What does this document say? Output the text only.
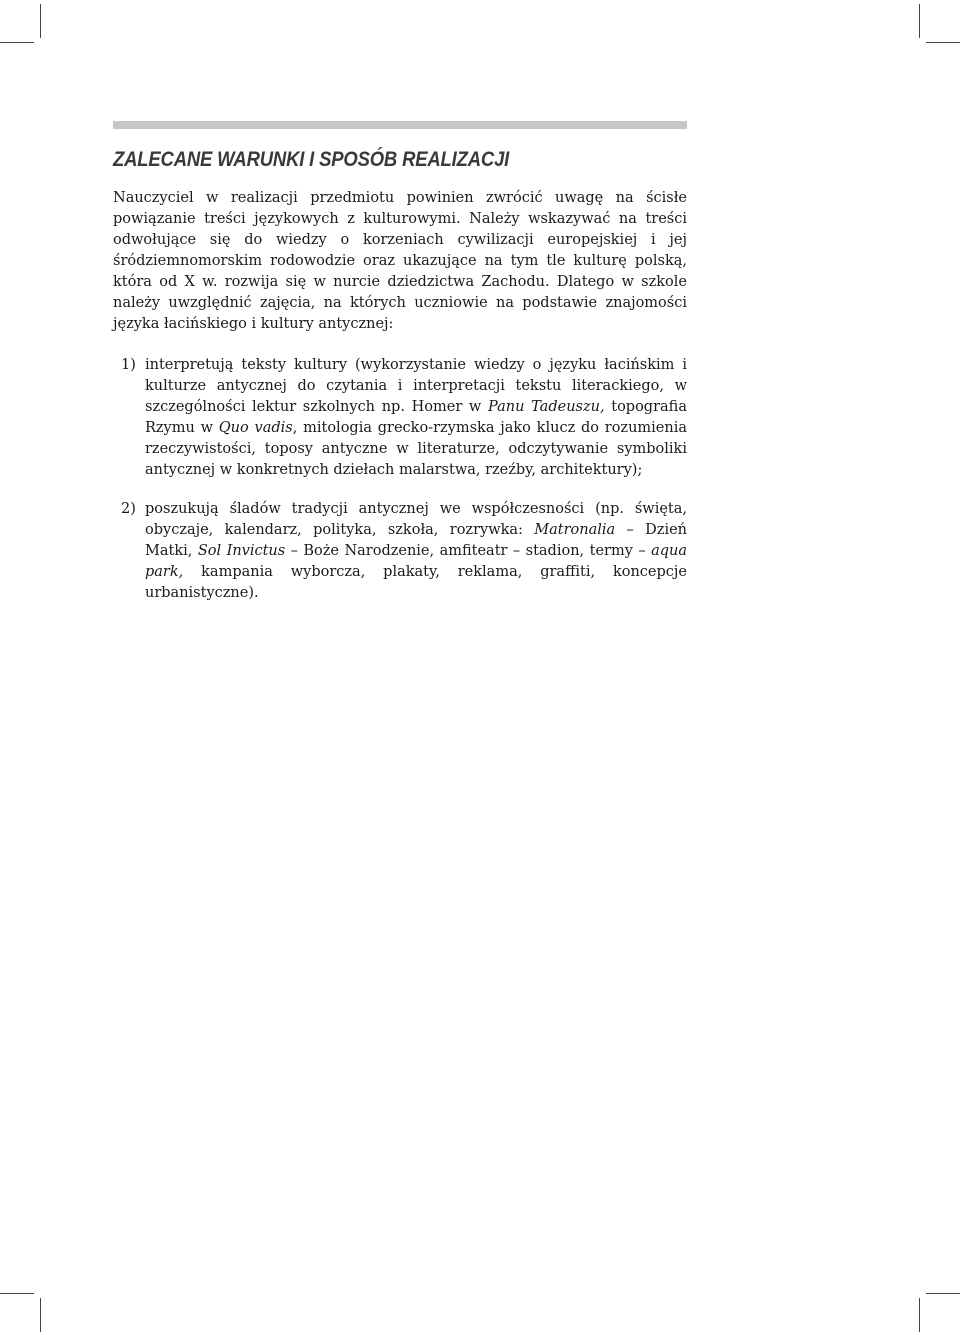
ZALECANE WARUNKI I SPOSÓB REALIZACJI

Nauczyciel w realizacji przedmiotu powinien zwrócić uwagę na ścisłe powiązanie treści językowych z kulturowymi. Należy wskazywać na treści odwołujące się do wiedzy o korzeniach cywilizacji europejskiej i jej śródziemnomorskim rodowodzie oraz ukazujące na tym tle kulturę polską, która od X w. rozwija się w nurcie dziedzictwa Zachodu. Dlatego w szkole należy uwzględnić zajęcia, na których uczniowie na podstawie znajomości języka łacińskiego i kultury antycznej:

1) interpretują teksty kultury (wykorzystanie wiedzy o języku łacińskim i kulturze antycznej do czytania i interpretacji tekstu literackiego, w szczególności lektur szkolnych np. Homer w Panu Tadeuszu, topografia Rzymu w Quo vadis, mitologia grecko-rzymska jako klucz do rozumienia rzeczywistości, toposy antyczne w literaturze, odczytywanie symboliki antycznej w konkretnych dziełach malarstwa, rzeźby, architektury);
2) poszukują śladów tradycji antycznej we współczesności (np. święta, obyczaje, kalendarz, polityka, szkoła, rozrywka: Matronalia – Dzień Matki, Sol Invictus – Boże Narodzenie, amfiteatr – stadion, termy – aqua park, kampania wyborcza, plakaty, reklama, graffiti, koncepcje urbanistyczne).
